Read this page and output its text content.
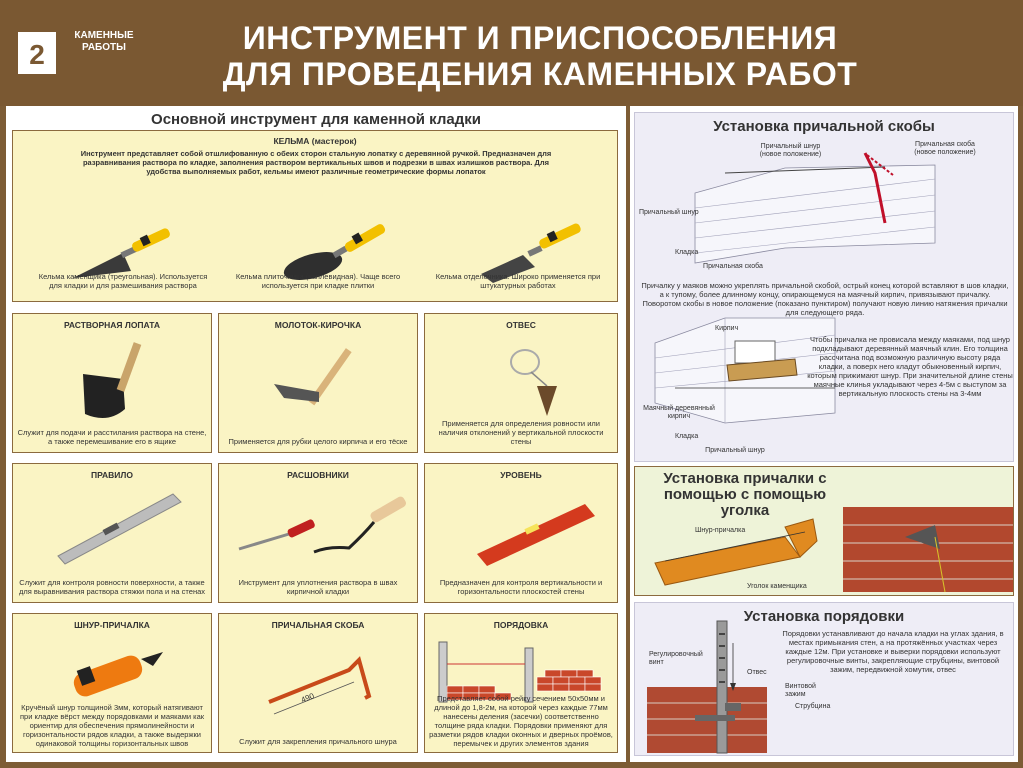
2
КАМЕННЫЕ РАБОТЫ	ИНСТРУМЕНТ И ПРИСПОСОБЛЕНИЯ
ДЛЯ ПРОВЕДЕНИЯ КАМЕННЫХ РАБОТ
Основной инструмент для каменной кладки
КЕЛЬМА (мастерок)
Инструмент представляет собой отшлифованную с обеих сторон стальную лопатку с деревянной ручкой. Предназначен для разравнивания раствора по кладке, заполнения раствором вертикальных швов и подрезки в швах излишков раствора. Для удобства выполняемых работ, кельмы имеют различные геометрические формы лопаток
Кельма каменщика (треугольная). Используется для кладки и для размешивания раствора
Кельма плиточника (каплевидная). Чаще всего используется при кладке плитки
Кельма отделочника. Широко применяется при штукатурных работах
РАСТВОРНАЯ ЛОПАТА
Служит для подачи и расстилания раствора на стене, а также перемешивание его в ящике
МОЛОТОК-КИРОЧКА
Применяется для рубки целого кирпича и его тёске
ОТВЕС
Применяется для определения ровности или наличия отклонений у вертикальной плоскости стены
ПРАВИЛО
Служит для контроля ровности поверхности, а также для выравнивания раствора стяжки пола и на стенах
РАСШОВНИКИ
Инструмент для уплотнения раствора в швах кирпичной кладки
УРОВЕНЬ
Предназначен для контроля вертикальности и горизонтальности плоскостей стены
ШНУР-ПРИЧАЛКА
Кручёный шнур толщиной 3мм, который натягивают при кладке вёрст между порядовками и маяками как ориентир для обеспечения прямолинейности и горизонтальности рядов кладки, а также выдержки одинаковой толщины горизонтальных швов
ПРИЧАЛЬНАЯ СКОБА
490
Служит для закрепления причального шнура
ПОРЯДОВКА
Представляет собой рейку сечением 50х50мм и длиной до 1,8-2м, на которой через каждые 77мм нанесены деления (засечки) соответственно толщине ряда кладки. Порядовки применяют для разметки рядов кладки оконных и дверных проёмов, перемычек и других элементов здания
Установка причальной скобы
Причальный шнур (новое положение)
Причальная скоба (новое положение)
Причальный шнур
Кладка
Причальная скоба
Причалку у маяков можно укреплять причальной скобой, острый конец которой вставляют в шов кладки, а к тупому, более длинному концу, опирающемуся на маячный кирпич, привязывают причалку. Поворотом скобы в новое положение (показано пунктиром) получают новую линию натяжения причалки для следующего ряда.
Кирпич
Маячный деревянный кирпич
Кладка
Причальный шнур
Чтобы причалка не провисала между маяками, под шнур подкладывают деревянный маячный клин. Его толщина рассчитана под возможную различную высоту ряда кладки, а поверх него кладут обыкновенный кирпич, которым прижимают шнур. При значительной длине стены маячные клинья укладывают через 4-5м с выступом за вертикальную плоскость стены на 3-4мм
Установка причалки с помощью с помощью уголка
Шнур-причалка
Уголок каменщика
Установка порядовки
Регулировочный винт
Отвес
Винтовой зажим
Струбцина
Порядовки устанавливают до начала кладки на углах здания, в местах примыкания стен, а на протяжённых участках через каждые 12м. При установке и выверки порядовки используют регулировочные винты, закрепляющие струбцины, винтовой зажим, передвижной хомутик, отвес
